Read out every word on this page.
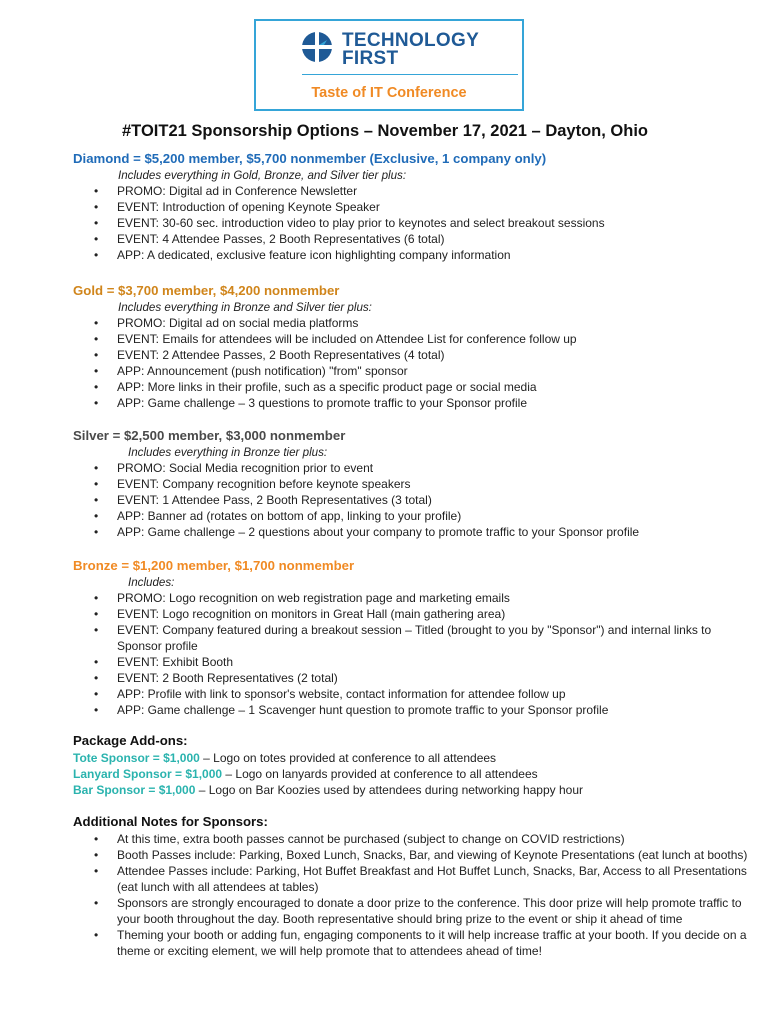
TECHNOLOGY
FIRST
Taste of IT Conference
#TOIT21 Sponsorship Options – November 17, 2021 – Dayton, Ohio
Diamond = $5,200 member, $5,700 nonmember (Exclusive, 1 company only)
Includes everything in Gold, Bronze, and Silver tier plus:
• PROMO: Digital ad in Conference Newsletter
• EVENT: Introduction of opening Keynote Speaker
• EVENT: 30-60 sec. introduction video to play prior to keynotes and select breakout sessions
• EVENT: 4 Attendee Passes, 2 Booth Representatives (6 total)
• APP: A dedicated, exclusive feature icon highlighting company information
Gold = $3,700 member, $4,200 nonmember
Includes everything in Bronze and Silver tier plus:
• PROMO: Digital ad on social media platforms
• EVENT: Emails for attendees will be included on Attendee List for conference follow up
• EVENT: 2 Attendee Passes, 2 Booth Representatives (4 total)
• APP: Announcement (push notification) "from" sponsor
• APP: More links in their profile, such as a specific product page or social media
• APP: Game challenge – 3 questions to promote traffic to your Sponsor profile
Silver = $2,500 member, $3,000 nonmember
Includes everything in Bronze tier plus:
• PROMO: Social Media recognition prior to event
• EVENT: Company recognition before keynote speakers
• EVENT: 1 Attendee Pass, 2 Booth Representatives (3 total)
• APP: Banner ad (rotates on bottom of app, linking to your profile)
• APP: Game challenge – 2 questions about your company to promote traffic to your Sponsor profile
Bronze = $1,200 member, $1,700 nonmember
Includes:
• PROMO: Logo recognition on web registration page and marketing emails
• EVENT: Logo recognition on monitors in Great Hall (main gathering area)
• EVENT: Company featured during a breakout session – Titled (brought to you by "Sponsor") and internal links to Sponsor profile
• EVENT: Exhibit Booth
• EVENT: 2 Booth Representatives (2 total)
• APP: Profile with link to sponsor's website, contact information for attendee follow up
• APP: Game challenge – 1 Scavenger hunt question to promote traffic to your Sponsor profile
Package Add-ons:
Tote Sponsor = $1,000 – Logo on totes provided at conference to all attendees
Lanyard Sponsor = $1,000 – Logo on lanyards provided at conference to all attendees
Bar Sponsor = $1,000 – Logo on Bar Koozies used by attendees during networking happy hour
Additional Notes for Sponsors:
• At this time, extra booth passes cannot be purchased (subject to change on COVID restrictions)
• Booth Passes include: Parking, Boxed Lunch, Snacks, Bar, and viewing of Keynote Presentations (eat lunch at booths)
• Attendee Passes include: Parking, Hot Buffet Breakfast and Hot Buffet Lunch, Snacks, Bar, Access to all Presentations (eat lunch with all attendees at tables)
• Sponsors are strongly encouraged to donate a door prize to the conference. This door prize will help promote traffic to your booth throughout the day. Booth representative should bring prize to the event or ship it ahead of time
• Theming your booth or adding fun, engaging components to it will help increase traffic at your booth. If you decide on a theme or exciting element, we will help promote that to attendees ahead of time!
